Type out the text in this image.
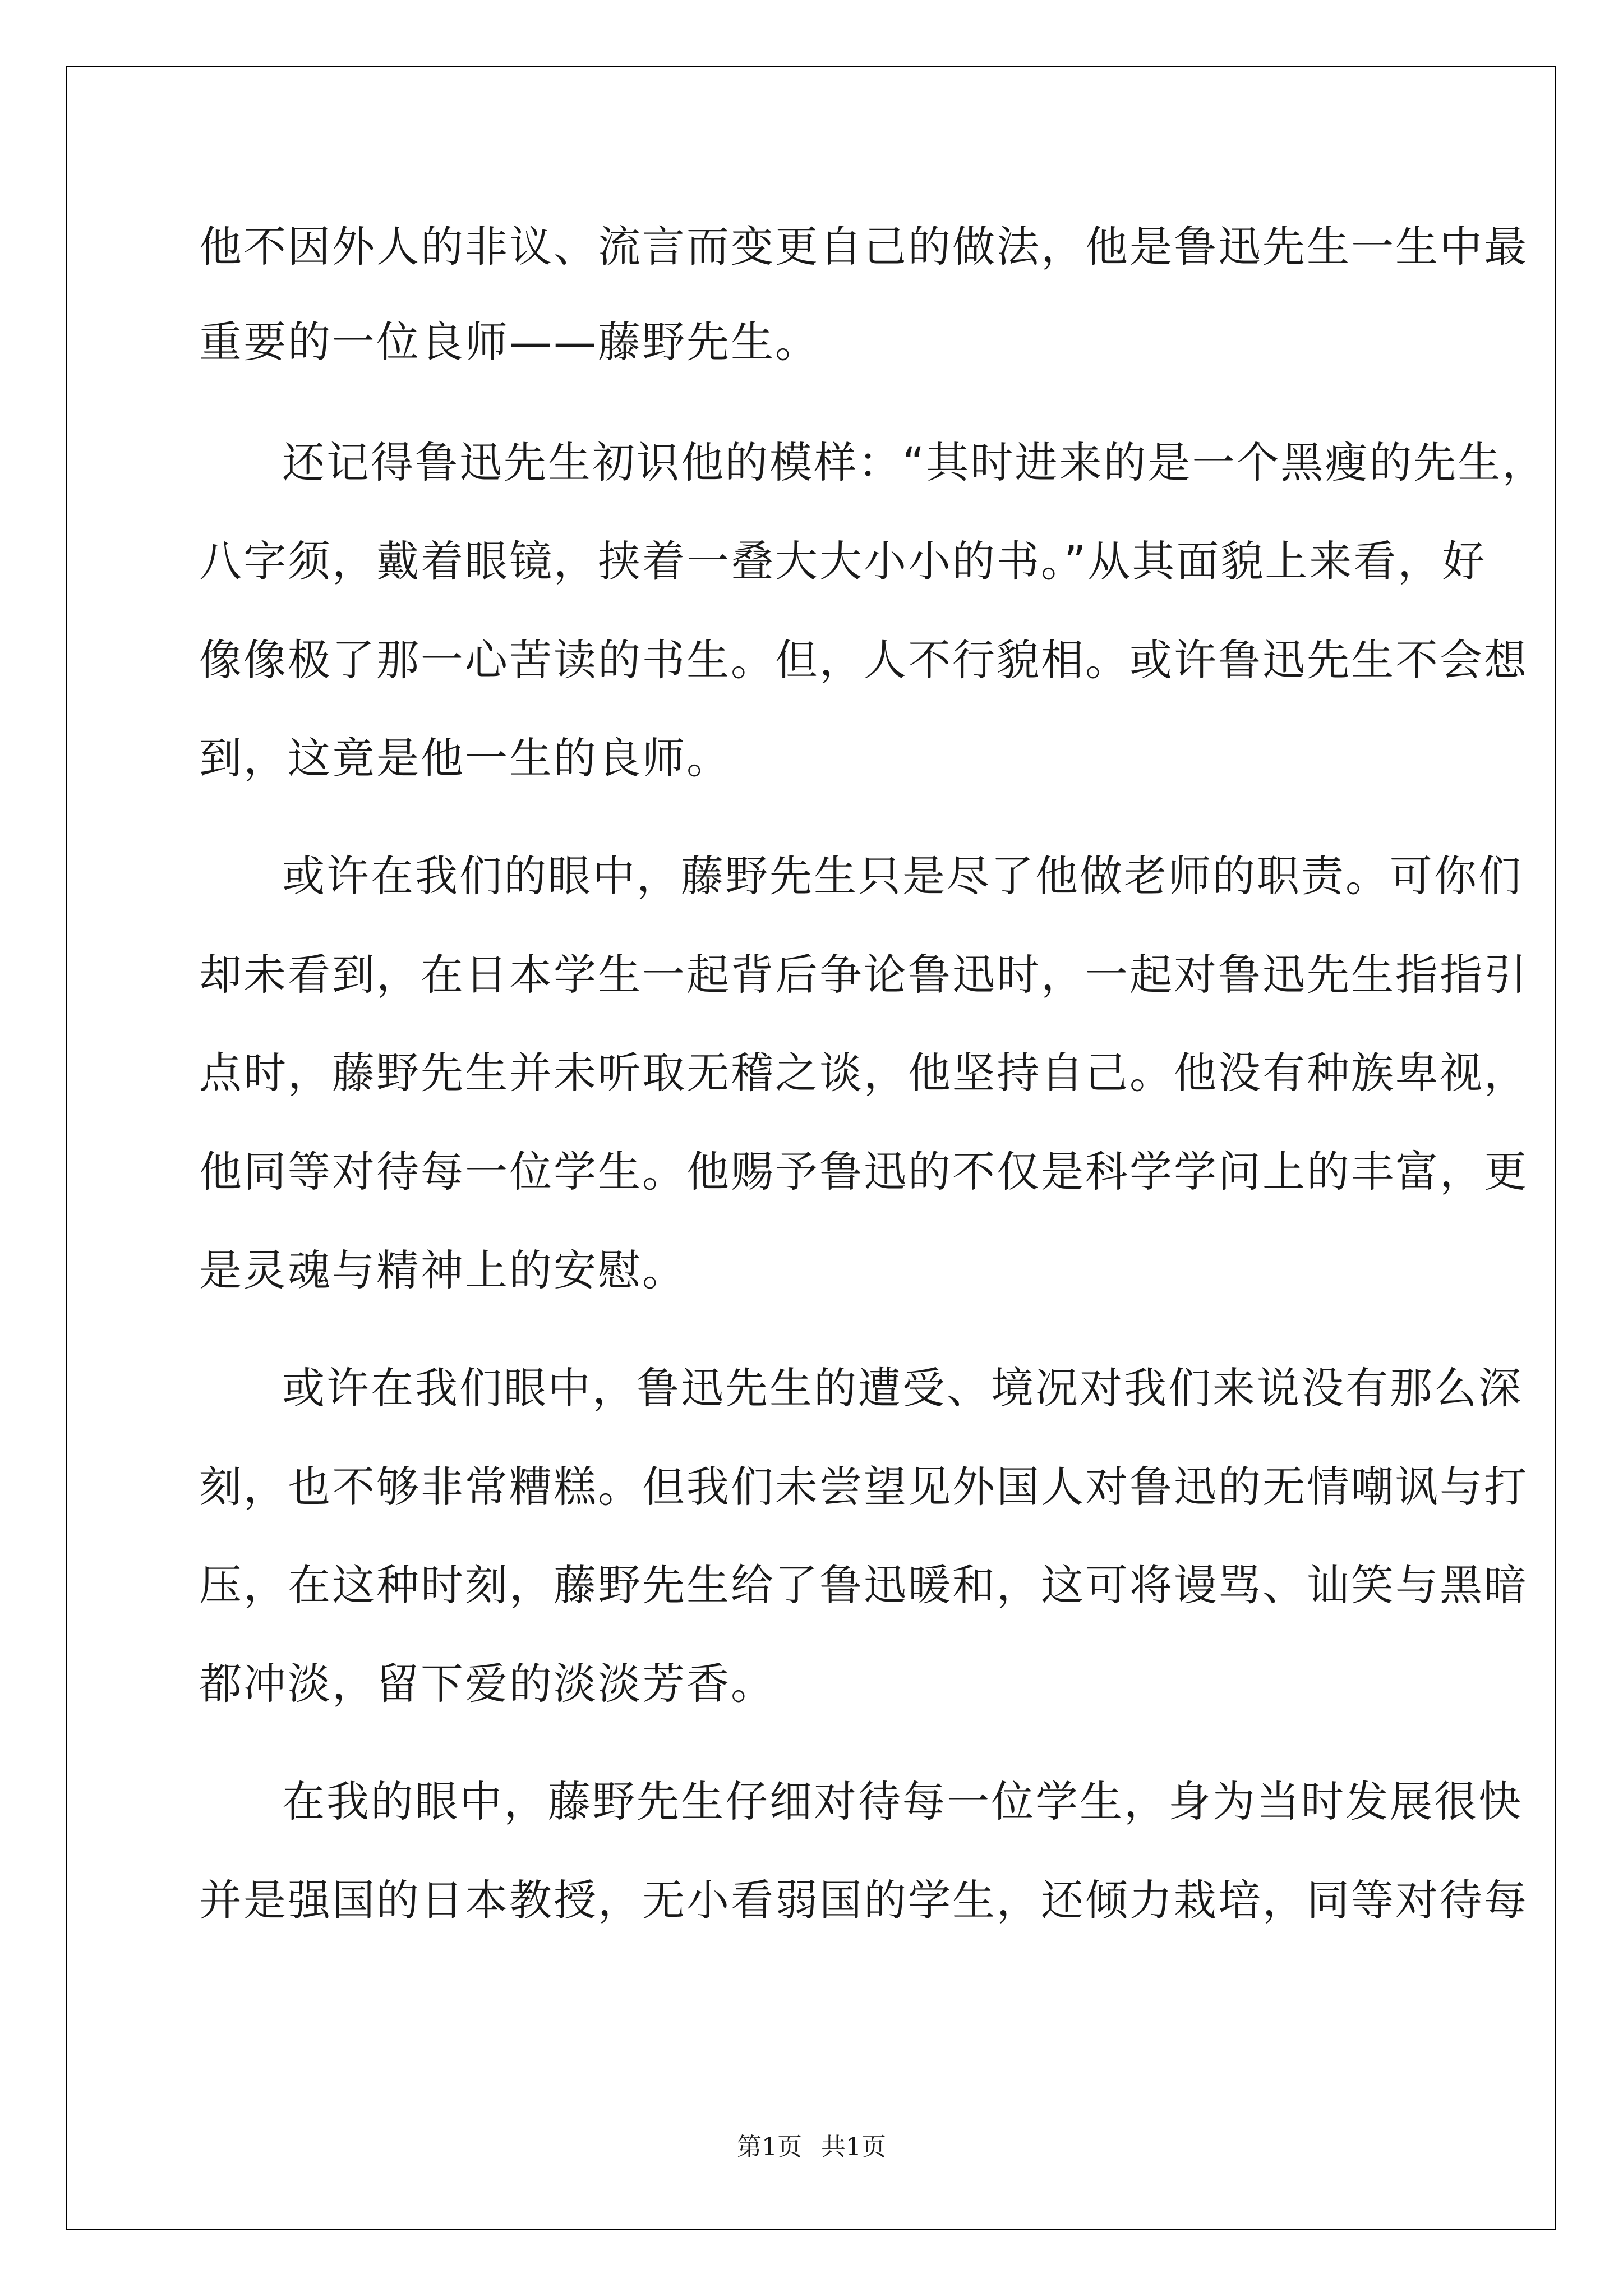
他不因外人的非议、流言而变更自己的做法，他是鲁迅先生一生中最
重要的一位良师——藤野先生。
还记得鲁迅先生初识他的模样：“其时进来的是一个黑瘦的先生，
八字须，戴着眼镜，挟着一叠大大小小的书。”从其面貌上来看，好
像像极了那一心苦读的书生。但，人不行貌相。或许鲁迅先生不会想
到，这竟是他一生的良师。
或许在我们的眼中，藤野先生只是尽了他做老师的职责。可你们
却未看到，在日本学生一起背后争论鲁迅时，一起对鲁迅先生指指引
点时，藤野先生并未听取无稽之谈，他坚持自己。他没有种族卑视，
他同等对待每一位学生。他赐予鲁迅的不仅是科学学问上的丰富，更
是灵魂与精神上的安慰。
或许在我们眼中，鲁迅先生的遭受、境况对我们来说没有那么深
刻，也不够非常糟糕。但我们未尝望见外国人对鲁迅的无情嘲讽与打
压，在这种时刻，藤野先生给了鲁迅暖和，这可将谩骂、讪笑与黑暗
都冲淡，留下爱的淡淡芳香。
在我的眼中，藤野先生仔细对待每一位学生，身为当时发展很快
并是强国的日本教授，无小看弱国的学生，还倾力栽培，同等对待每
第1页 共1页
